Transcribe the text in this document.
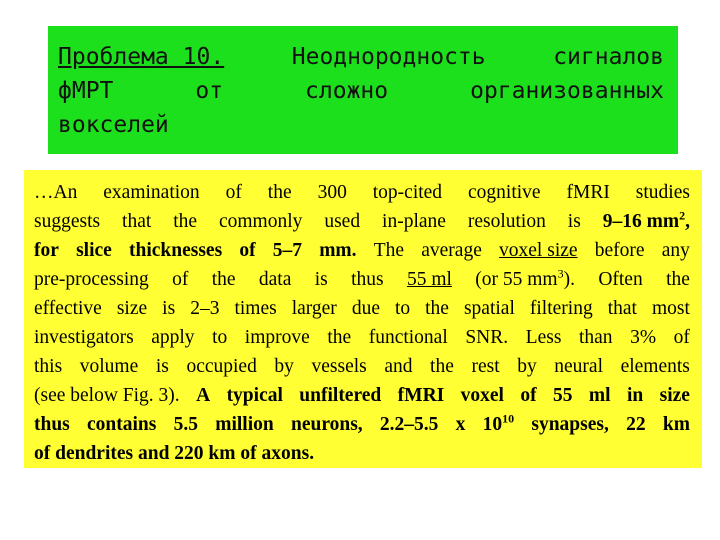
Проблема 10.	Неоднородность	сигналов
фМРТ	от	сложно	организованных
вокселей
…An examination of the 300 top-cited cognitive fMRI studies
suggests that the commonly used in-plane resolution is 9–16 $mm^2$,
for slice thicknesses of 5–7 mm. The average voxel size before any
pre-processing of the data is thus 55 ml (or 55 $mm^3$). Often the
effective size is 2–3 times larger due to the spatial filtering that most
investigators apply to improve the functional SNR. Less than 3% of
this volume is occupied by vessels and the rest by neural elements
(see below Fig. 3). A typical unfiltered fMRI voxel of 55 ml in size
thus contains 5.5 million neurons, 2.2–5.5 x $10^{10}$ synapses, 22 km
of dendrites and 220 km of axons.
